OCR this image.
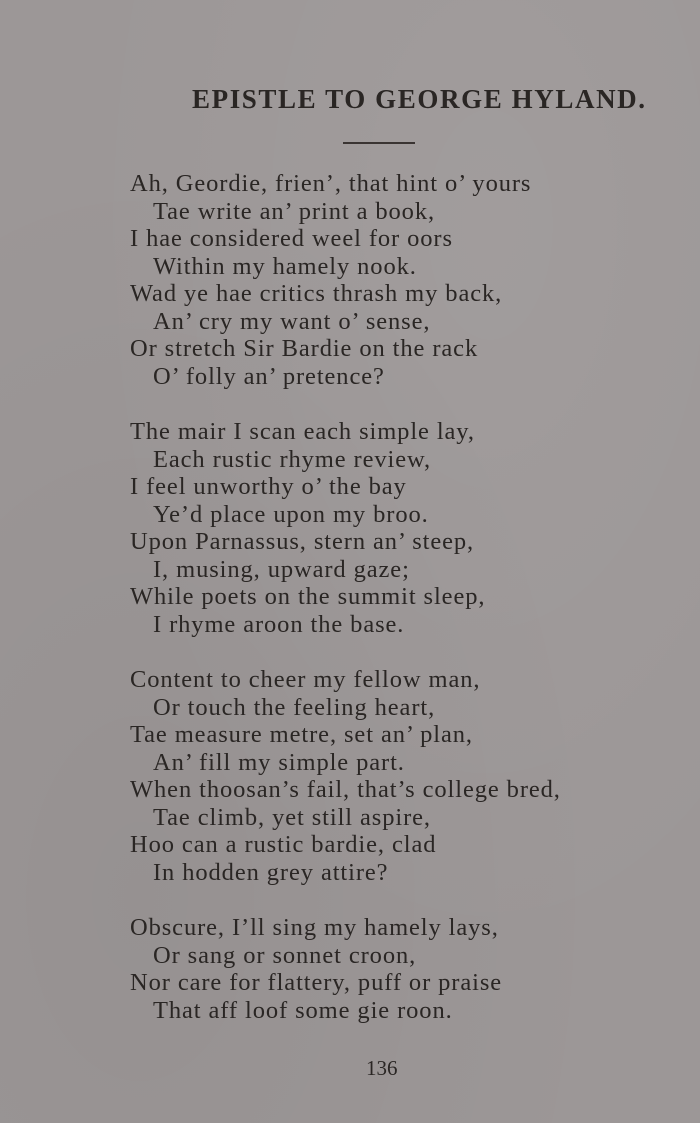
EPISTLE TO GEORGE HYLAND.
Ah, Geordie, frien’, that hint o’ yours
Tae write an’ print a book,
I hae considered weel for oors
Within my hamely nook.
Wad ye hae critics thrash my back,
An’ cry my want o’ sense,
Or stretch Sir Bardie on the rack
O’ folly an’ pretence?
The mair I scan each simple lay,
Each rustic rhyme review,
I feel unworthy o’ the bay
Ye’d place upon my broo.
Upon Parnassus, stern an’ steep,
I, musing, upward gaze;
While poets on the summit sleep,
I rhyme aroon the base.
Content to cheer my fellow man,
Or touch the feeling heart,
Tae measure metre, set an’ plan,
An’ fill my simple part.
When thoosan’s fail, that’s college bred,
Tae climb, yet still aspire,
Hoo can a rustic bardie, clad
In hodden grey attire?
Obscure, I’ll sing my hamely lays,
Or sang or sonnet croon,
Nor care for flattery, puff or praise
That aff loof some gie roon.
136
